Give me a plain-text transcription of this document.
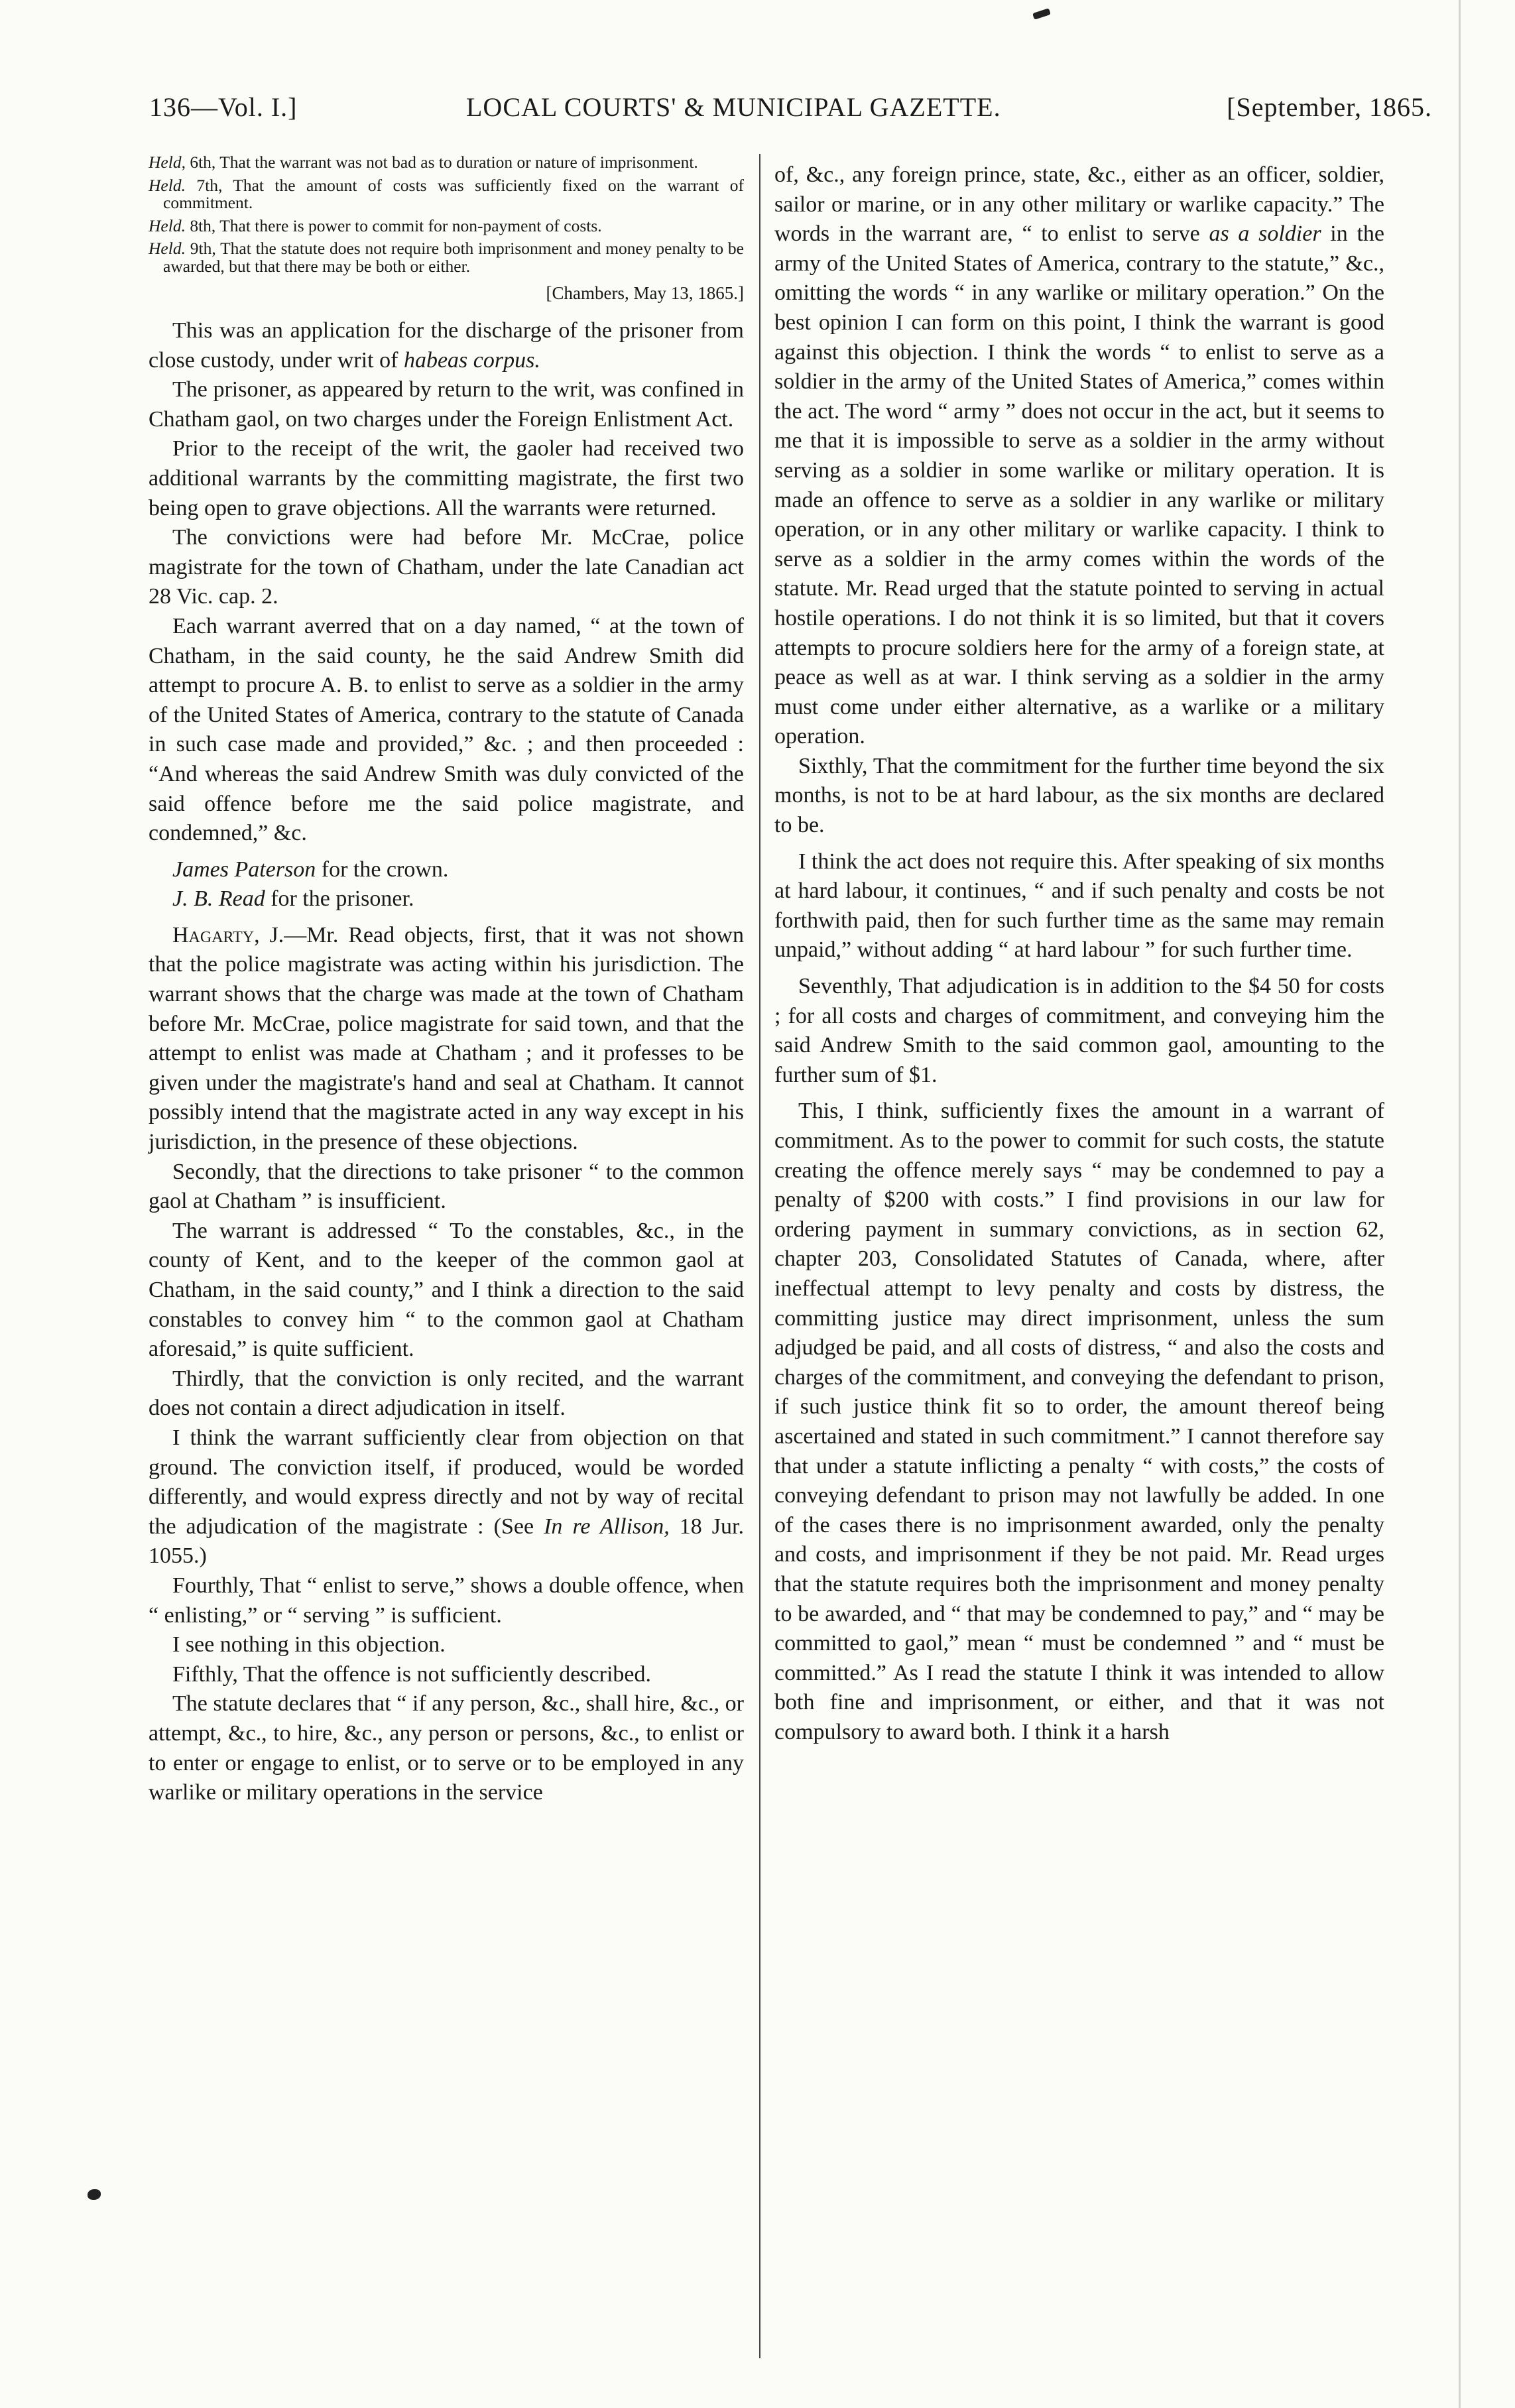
136—Vol. I.]	LOCAL COURTS' & MUNICIPAL GAZETTE.	[September, 1865.

Held, 6th, That the warrant was not bad as to duration or nature of imprisonment.

Held. 7th, That the amount of costs was sufficiently fixed on the warrant of commitment.

Held. 8th, That there is power to commit for non-payment of costs.

Held. 9th, That the statute does not require both imprisonment and money penalty to be awarded, but that there may be both or either.

[Chambers, May 13, 1865.]

This was an application for the discharge of the prisoner from close custody, under writ of habeas corpus.

The prisoner, as appeared by return to the writ, was confined in Chatham gaol, on two charges under the Foreign Enlistment Act.

Prior to the receipt of the writ, the gaoler had received two additional warrants by the committing magistrate, the first two being open to grave objections. All the warrants were returned.

The convictions were had before Mr. McCrae, police magistrate for the town of Chatham, under the late Canadian act 28 Vic. cap. 2.

Each warrant averred that on a day named, “ at the town of Chatham, in the said county, he the said Andrew Smith did attempt to procure A. B. to enlist to serve as a soldier in the army of the United States of America, contrary to the statute of Canada in such case made and provided,” &c. ; and then proceeded : “And whereas the said Andrew Smith was duly convicted of the said offence before me the said police magistrate, and condemned,” &c.

James Paterson for the crown.

J. B. Read for the prisoner.

Hagarty, J.—Mr. Read objects, first, that it was not shown that the police magistrate was acting within his jurisdiction. The warrant shows that the charge was made at the town of Chatham before Mr. McCrae, police magistrate for said town, and that the attempt to enlist was made at Chatham ; and it professes to be given under the magistrate's hand and seal at Chatham. It cannot possibly intend that the magistrate acted in any way except in his jurisdiction, in the presence of these objections.

Secondly, that the directions to take prisoner “ to the common gaol at Chatham ” is insufficient.

The warrant is addressed “ To the constables, &c., in the county of Kent, and to the keeper of the common gaol at Chatham, in the said county,” and I think a direction to the said constables to convey him “ to the common gaol at Chatham aforesaid,” is quite sufficient.

Thirdly, that the conviction is only recited, and the warrant does not contain a direct adjudication in itself.

I think the warrant sufficiently clear from objection on that ground. The conviction itself, if produced, would be worded differently, and would express directly and not by way of recital the adjudication of the magistrate : (See In re Allison, 18 Jur. 1055.)

Fourthly, That “ enlist to serve,” shows a double offence, when “ enlisting,” or “ serving ” is sufficient.

I see nothing in this objection.

Fifthly, That the offence is not sufficiently described.

The statute declares that “ if any person, &c., shall hire, &c., or attempt, &c., to hire, &c., any person or persons, &c., to enlist or to enter or engage to enlist, or to serve or to be employed in any warlike or military operations in the service

of, &c., any foreign prince, state, &c., either as an officer, soldier, sailor or marine, or in any other military or warlike capacity.” The words in the warrant are, “ to enlist to serve as a soldier in the army of the United States of America, contrary to the statute,” &c., omitting the words “ in any warlike or military operation.” On the best opinion I can form on this point, I think the warrant is good against this objection. I think the words “ to enlist to serve as a soldier in the army of the United States of America,” comes within the act. The word “ army ” does not occur in the act, but it seems to me that it is impossible to serve as a soldier in the army without serving as a soldier in some warlike or military operation. It is made an offence to serve as a soldier in any warlike or military operation, or in any other military or warlike capacity. I think to serve as a soldier in the army comes within the words of the statute. Mr. Read urged that the statute pointed to serving in actual hostile operations. I do not think it is so limited, but that it covers attempts to procure soldiers here for the army of a foreign state, at peace as well as at war. I think serving as a soldier in the army must come under either alternative, as a warlike or a military operation.

Sixthly, That the commitment for the further time beyond the six months, is not to be at hard labour, as the six months are declared to be.

I think the act does not require this. After speaking of six months at hard labour, it continues, “ and if such penalty and costs be not forthwith paid, then for such further time as the same may remain unpaid,” without adding “ at hard labour ” for such further time.

Seventhly, That adjudication is in addition to the $4 50 for costs ; for all costs and charges of commitment, and conveying him the said Andrew Smith to the said common gaol, amounting to the further sum of $1.

This, I think, sufficiently fixes the amount in a warrant of commitment. As to the power to commit for such costs, the statute creating the offence merely says “ may be condemned to pay a penalty of $200 with costs.” I find provisions in our law for ordering payment in summary convictions, as in section 62, chapter 203, Consolidated Statutes of Canada, where, after ineffectual attempt to levy penalty and costs by distress, the committing justice may direct imprisonment, unless the sum adjudged be paid, and all costs of distress, “ and also the costs and charges of the commitment, and conveying the defendant to prison, if such justice think fit so to order, the amount thereof being ascertained and stated in such commitment.” I cannot therefore say that under a statute inflicting a penalty “ with costs,” the costs of conveying defendant to prison may not lawfully be added. In one of the cases there is no imprisonment awarded, only the penalty and costs, and imprisonment if they be not paid. Mr. Read urges that the statute requires both the imprisonment and money penalty to be awarded, and “ that may be condemned to pay,” and “ may be committed to gaol,” mean “ must be condemned ” and “ must be committed.” As I read the statute I think it was intended to allow both fine and imprisonment, or either, and that it was not compulsory to award both. I think it a harsh
